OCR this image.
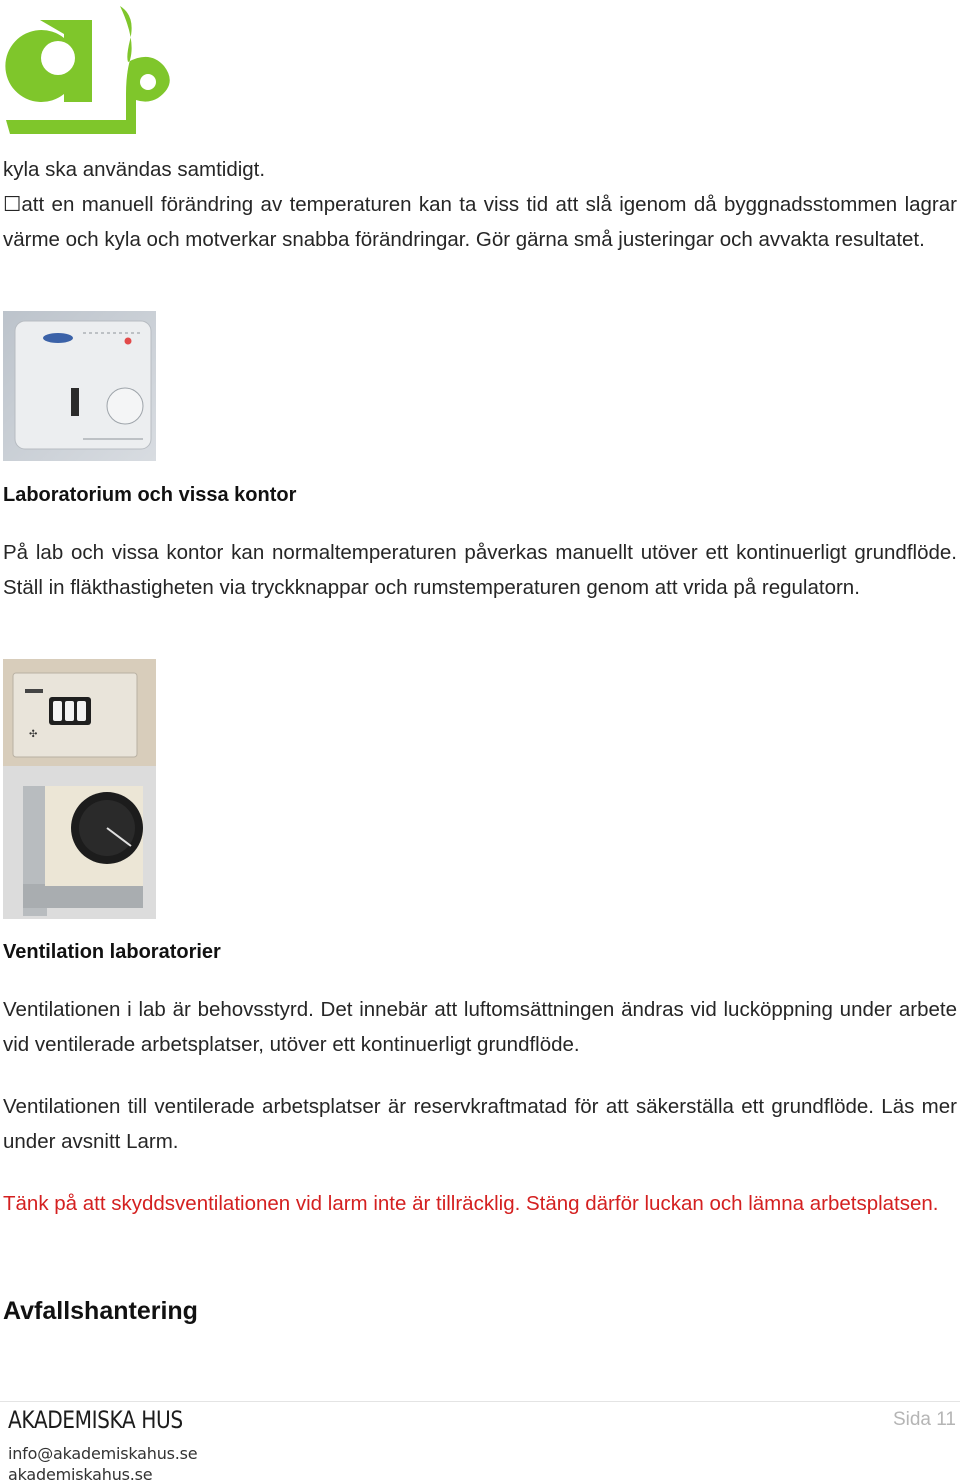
kyla ska användas samtidigt.

☐att en manuell förändring av temperaturen kan ta viss tid att slå igenom då byggnadsstommen lagrar värme och kyla och motverkar snabba förändringar. Gör gärna små justeringar och avvakta resultatet.

Laboratorium och vissa kontor

På lab och vissa kontor kan normaltemperaturen påverkas manuellt utöver ett kontinuerligt grundflöde. Ställ in fläkthastigheten via tryckknappar och rumstemperaturen genom att vrida på regulatorn.

✣
Ventilation laboratorier

Ventilationen i lab är behovsstyrd. Det innebär att luftomsättningen ändras vid lucköppning under arbete vid ventilerade arbetsplatser, utöver ett kontinuerligt grundflöde.

Ventilationen till ventilerade arbetsplatser är reservkraftmatad för att säkerställa ett grundflöde. Läs mer under avsnitt Larm.

Tänk på att skyddsventilationen vid larm inte är tillräcklig. Stäng därför luckan och lämna arbetsplatsen.

Avfallshantering
AKADEMISKA HUS
info@akademiskahus.se
akademiskahus.se
Sida 11
